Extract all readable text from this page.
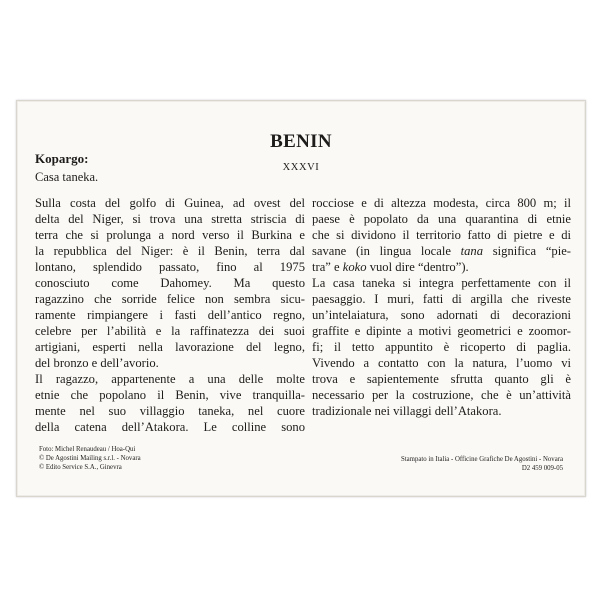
BENIN
XXXVI
Kopargo:
Casa taneka.
Sulla costa del golfo di Guinea, ad ovest del
delta del Niger, si trova una stretta striscia di
terra che si prolunga a nord verso il Burkina e
la repubblica del Niger: è il Benin, terra dal
lontano, splendido passato, fino al 1975
conosciuto come Dahomey. Ma questo
ragazzino che sorride felice non sembra sicu-
ramente rimpiangere i fasti dell’antico regno,
celebre per l’abilità e la raffinatezza dei suoi
artigiani, esperti nella lavorazione del legno,
del bronzo e dell’avorio.
Il ragazzo, appartenente a una delle molte
etnie che popolano il Benin, vive tranquilla-
mente nel suo villaggio taneka, nel cuore
della catena dell’Atakora. Le colline sono
rocciose e di altezza modesta, circa 800 m; il
paese è popolato da una quarantina di etnie
che si dividono il territorio fatto di pietre e di
savane (in lingua locale tana significa “pie-
tra” e koko vuol dire “dentro”).
La casa taneka si integra perfettamente con il
paesaggio. I muri, fatti di argilla che riveste
un’intelaiatura, sono adornati di decorazioni
graffite e dipinte a motivi geometrici e zoomor-
fi; il tetto appuntito è ricoperto di paglia.
Vivendo a contatto con la natura, l’uomo vi
trova e sapientemente sfrutta quanto gli è
necessario per la costruzione, che è un’attività
tradizionale nei villaggi dell’Atakora.
Foto: Michel Renaudeau / Hoa-Qui
© De Agostini Mailing s.r.l. - Novara
© Edito Service S.A., Ginevra
Stampato in Italia - Officine Grafiche De Agostini - Novara
D2 459 009-05
